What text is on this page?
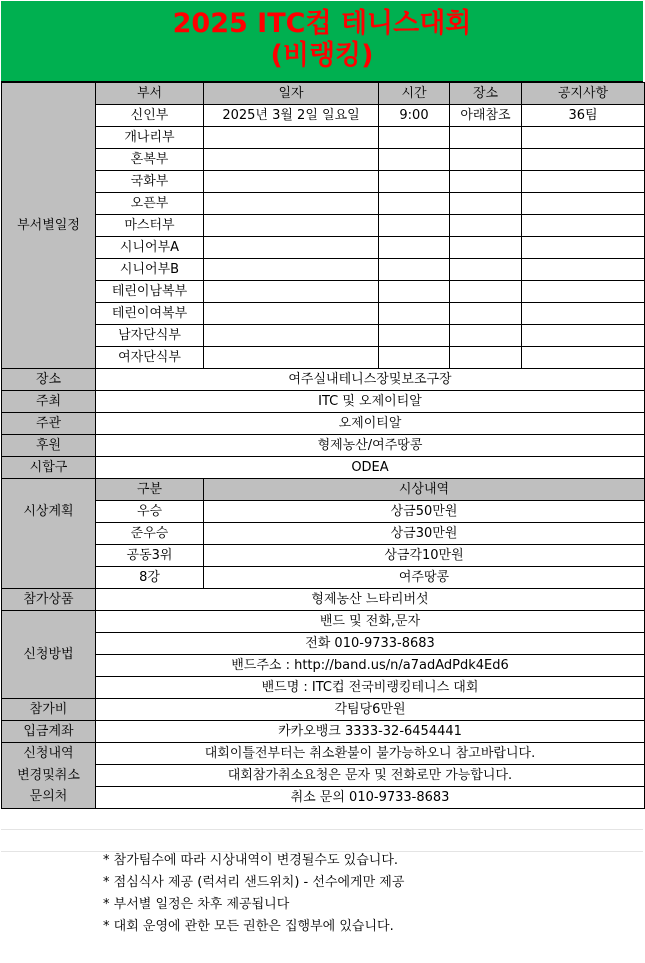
2025 ITC컵 테니스대회
(비랭킹)
부서별일정	부서	일자	시간	장소	공지사항
	신인부	2025년 3월 2일 일요일	9:00	아래참조	36팀
	개나리부				
	혼복부				
	국화부				
	오픈부				
	마스터부				
	시니어부A				
	시니어부B				
	테린이남복부				
	테린이여복부				
	남자단식부				
	여자단식부				
장소	여주실내테니스장및보조구장				
주최	ITC 및 오제이티알				
주관	오제이티알				
후원	형제농산/여주땅콩				
시합구	ODEA				
	구분	시상내역			
시상계획	우승	상금50만원			
	준우승	상금30만원			
	공동3위	상금각10만원			
	8강	여주땅콩			
참가상품	형제농산 느타리버섯				
신청방법	밴드 및 전화,문자				
	전화 010-9733-8683				
	밴드주소 : http://band.us/n/a7adAdPdk4Ed6				
	밴드명 : ITC컵 전국비랭킹테니스 대회				
참가비	각팀당6만원				
입금계좌	카카오뱅크 3333-32-6454441				
신청내역	대회이틀전부터는 취소환불이 불가능하오니 참고바랍니다.				
변경및취소	대회참가취소요청은 문자 및 전화로만 가능합니다.				
문의처	취소 문의 010-9733-8683				
* 참가팀수에 따라 시상내역이 변경될수도 있습니다.
* 점심식사 제공 (럭셔리 샌드위치) - 선수에게만 제공
* 부서별 일정은 차후 제공됩니다
* 대회 운영에 관한 모든 권한은 집행부에 있습니다.
